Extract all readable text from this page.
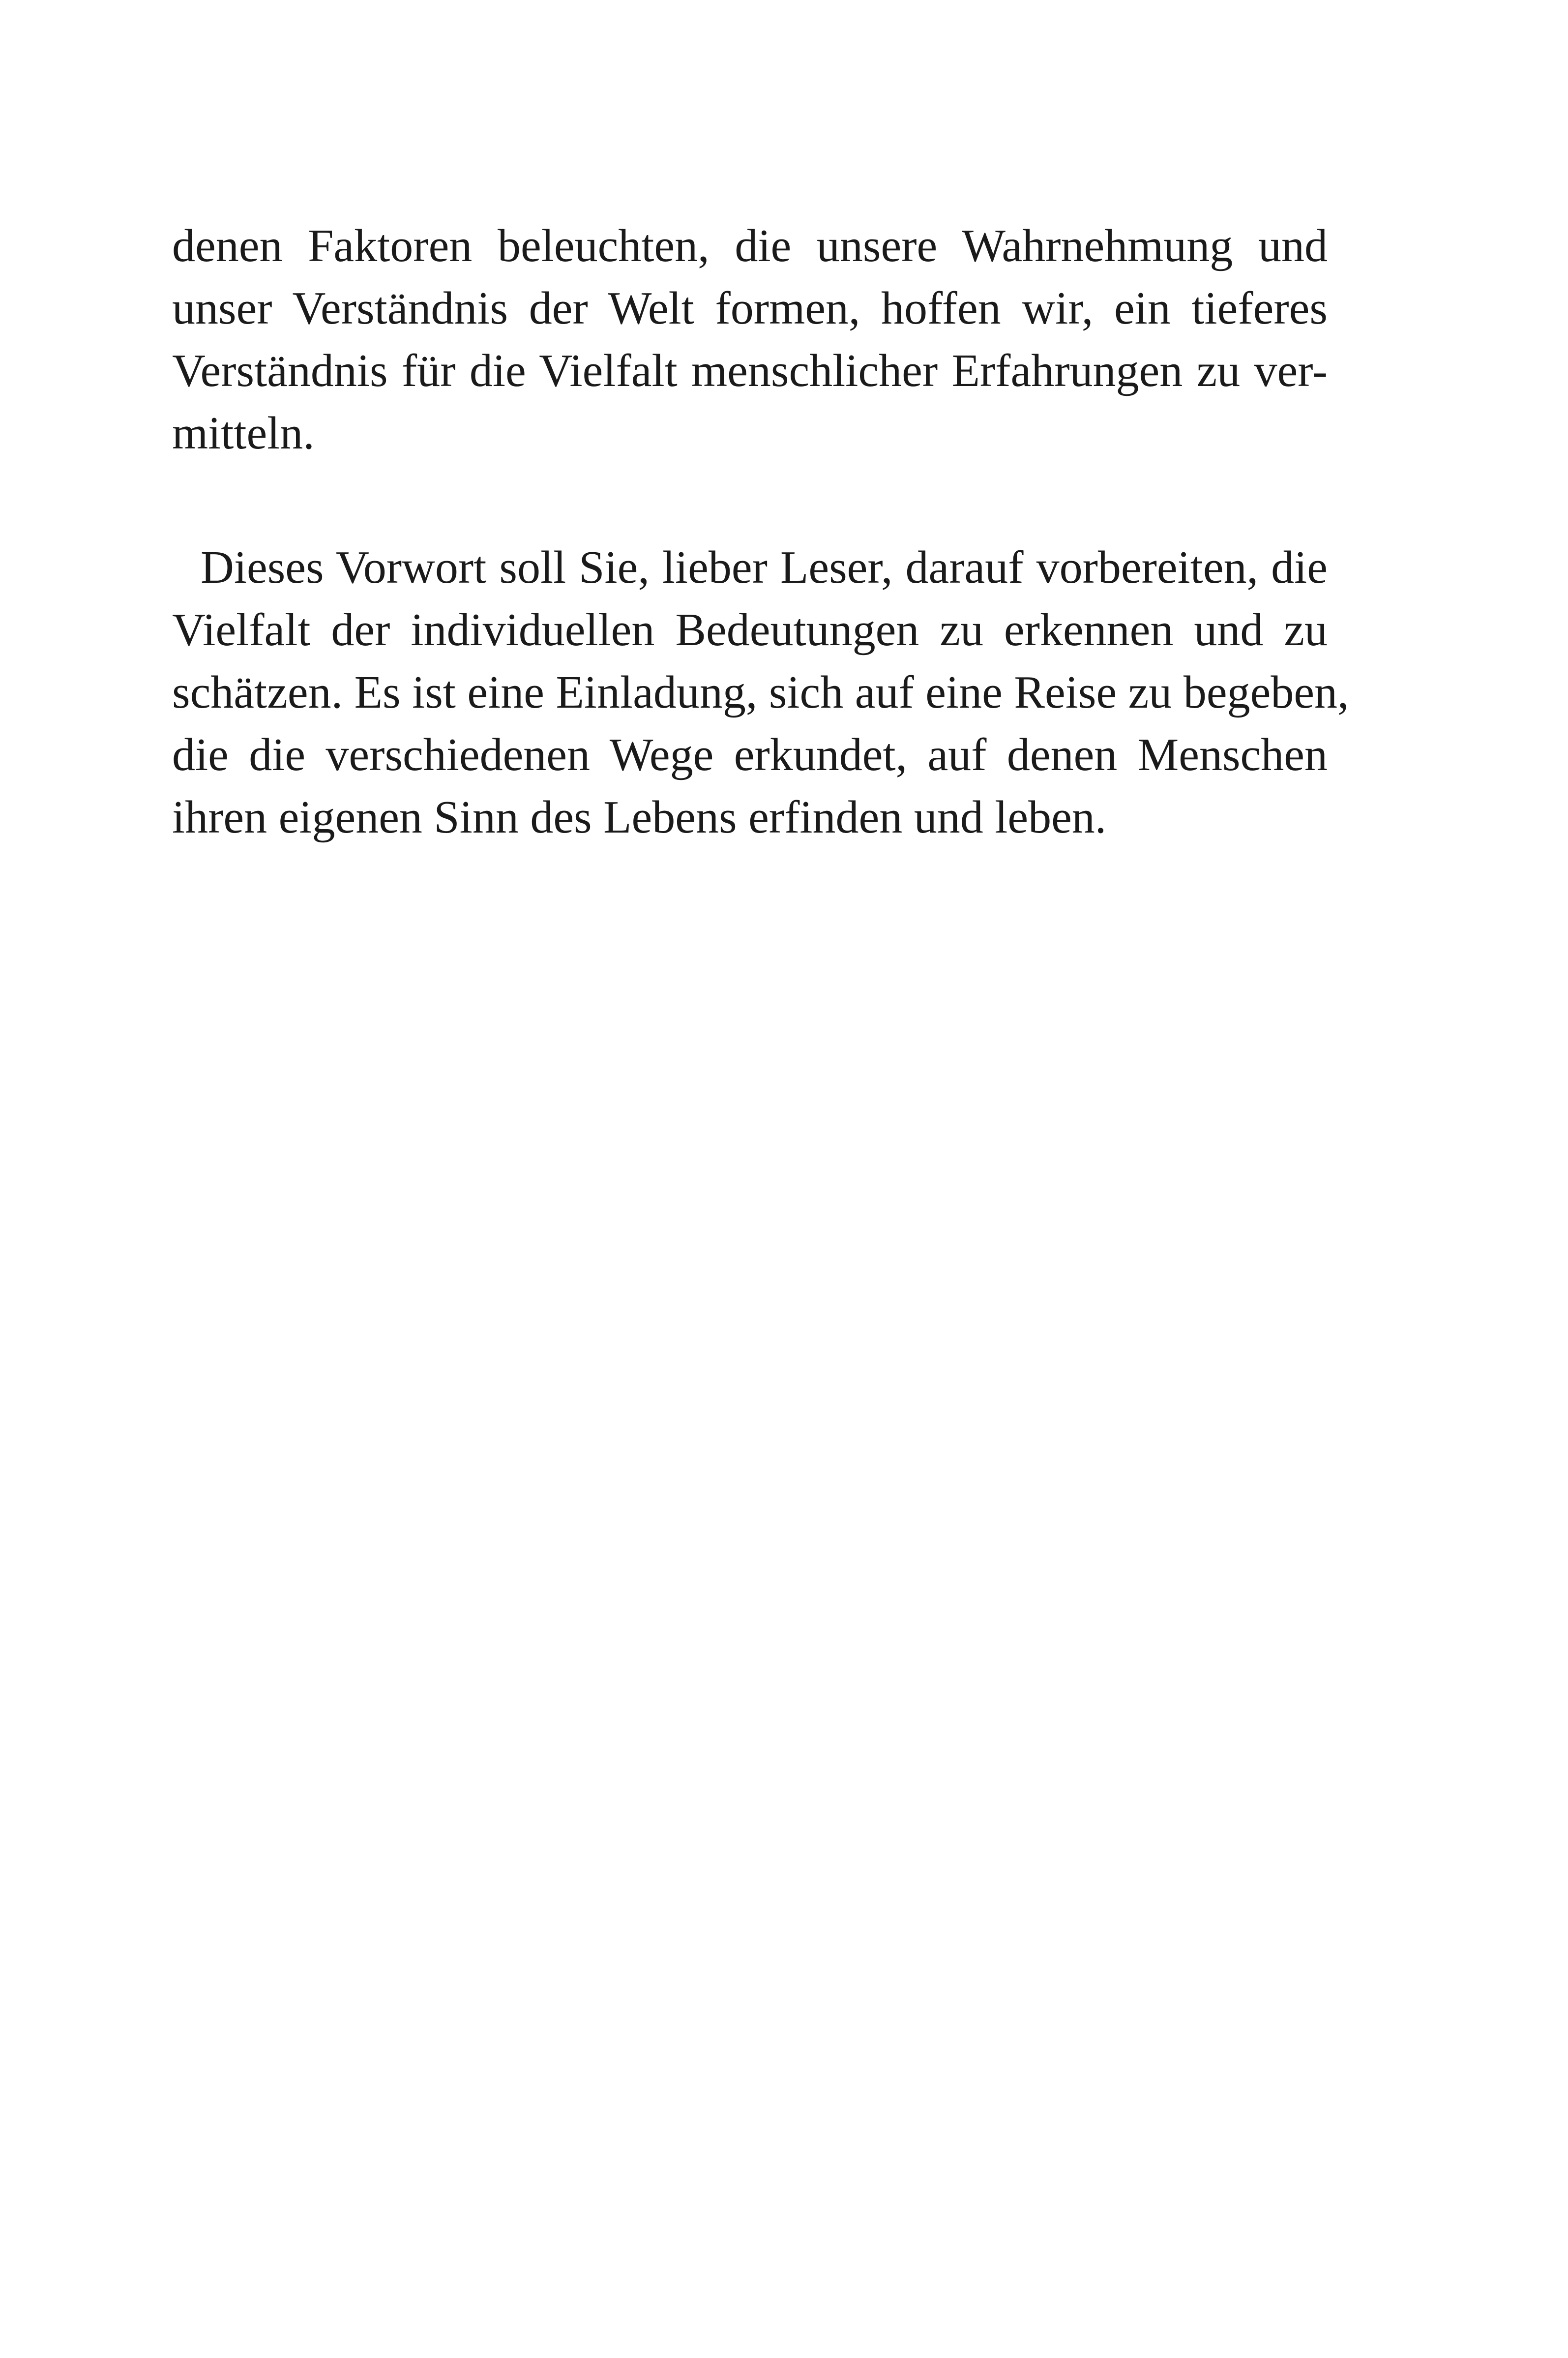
denen Faktoren beleuchten, die unsere Wahrnehmung und
unser Verständnis der Welt formen, hoffen wir, ein tieferes
Verständnis für die Vielfalt menschlicher Erfahrungen zu ver-
mitteln.
Dieses Vorwort soll Sie, lieber Leser, darauf vorbereiten, die
Vielfalt der individuellen Bedeutungen zu erkennen und zu
schätzen. Es ist eine Einladung, sich auf eine Reise zu begeben,
die die verschiedenen Wege erkundet, auf denen Menschen
ihren eigenen Sinn des Lebens erfinden und leben.
